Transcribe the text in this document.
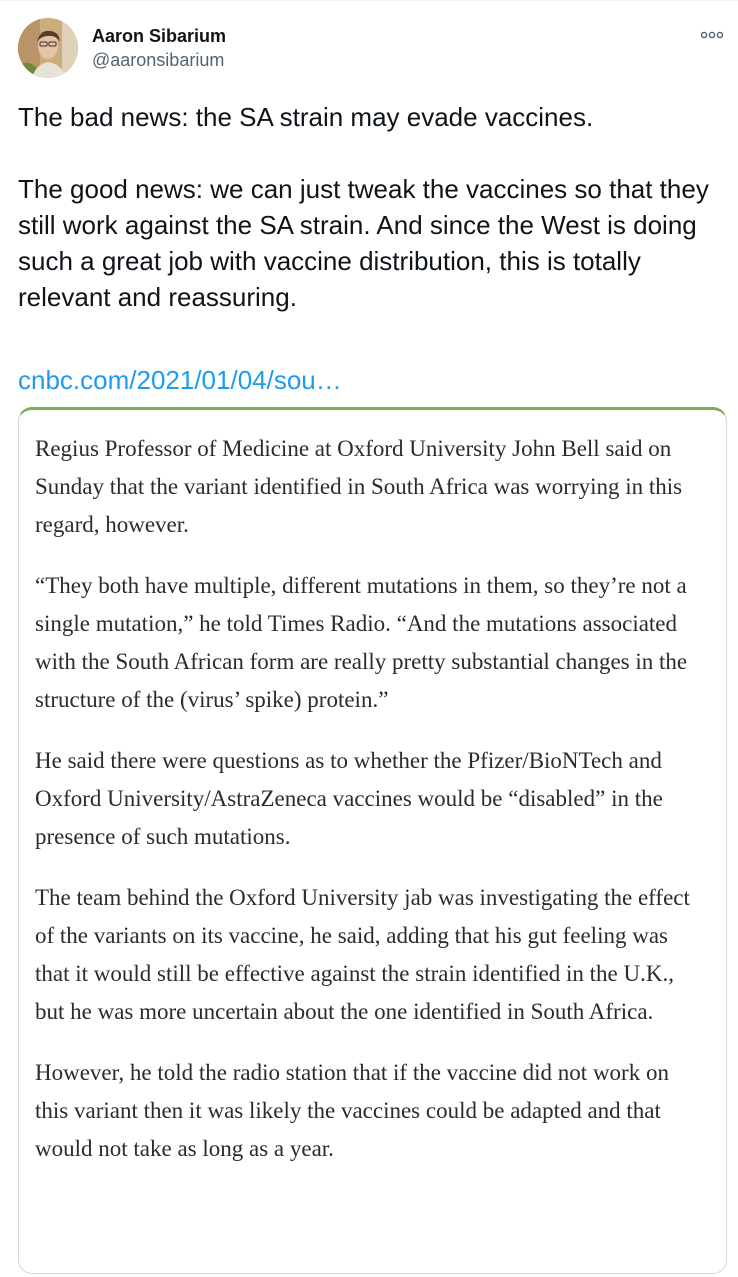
Aaron Sibarium
@aaronsibarium

The bad news: the SA strain may evade vaccines.

The good news: we can just tweak the vaccines so that they still work against the SA strain. And since the West is doing such a great job with vaccine distribution, this is totally relevant and reassuring.

cnbc.com/2021/01/04/sou…

Regius Professor of Medicine at Oxford University John Bell said on Sunday that the variant identified in South Africa was worrying in this regard, however.

“They both have multiple, different mutations in them, so they’re not a single mutation,” he told Times Radio. “And the mutations associated with the South African form are really pretty substantial changes in the structure of the (virus’ spike) protein.”

He said there were questions as to whether the Pfizer/BioNTech and Oxford University/AstraZeneca vaccines would be “disabled” in the presence of such mutations.

The team behind the Oxford University jab was investigating the effect of the variants on its vaccine, he said, adding that his gut feeling was that it would still be effective against the strain identified in the U.K., but he was more uncertain about the one identified in South Africa.

However, he told the radio station that if the vaccine did not work on this variant then it was likely the vaccines could be adapted and that would not take as long as a year.
